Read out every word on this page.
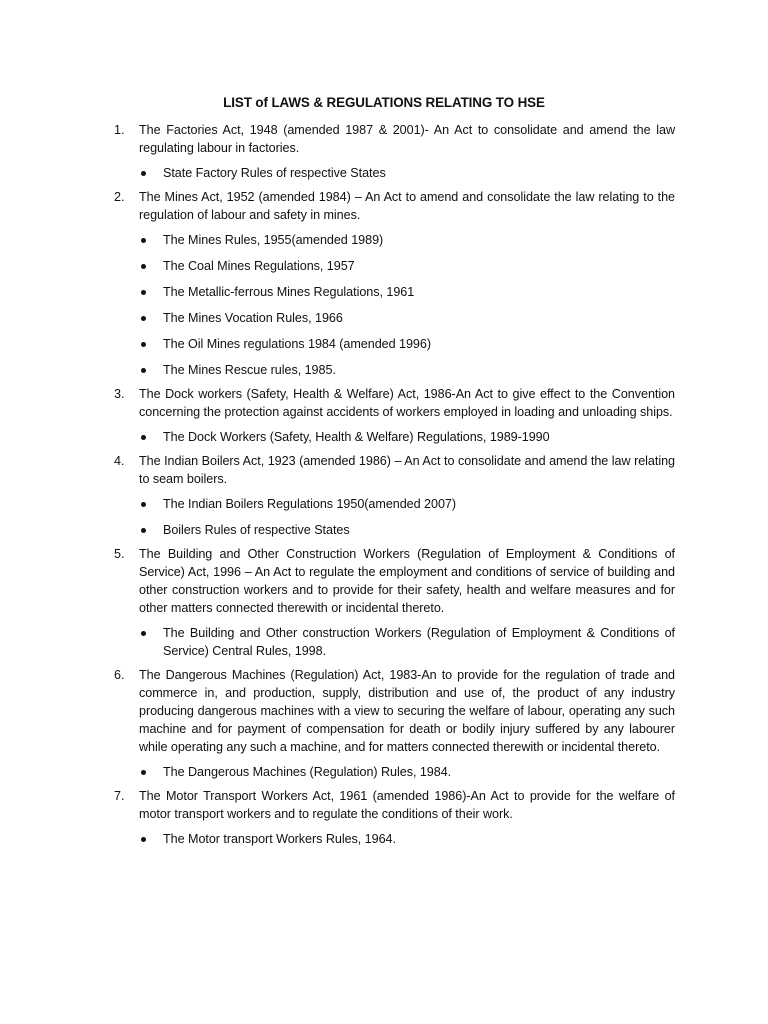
LIST of LAWS & REGULATIONS RELATING TO HSE
1. The Factories Act, 1948 (amended 1987 & 2001)- An Act to consolidate and amend the law regulating labour in factories.

State Factory Rules of respective States
2. The Mines Act, 1952 (amended 1984) – An Act to amend and consolidate the law relating to the regulation of labour and safety in mines.

The Mines Rules, 1955(amended 1989)
The Coal Mines Regulations, 1957
The Metallic-ferrous Mines Regulations, 1961
The Mines Vocation Rules, 1966
The Oil Mines regulations 1984 (amended 1996)
The Mines Rescue rules, 1985.
3. The Dock workers (Safety, Health & Welfare) Act, 1986-An Act to give effect to the Convention concerning the protection against accidents of workers employed in loading and unloading ships.

The Dock Workers (Safety, Health & Welfare) Regulations, 1989-1990
4. The Indian Boilers Act, 1923 (amended 1986) – An Act to consolidate and amend the law relating to seam boilers.

The Indian Boilers Regulations 1950(amended 2007)
Boilers Rules of respective States
5. The Building and Other Construction Workers (Regulation of Employment & Conditions of Service) Act, 1996 – An Act to regulate the employment and conditions of service of building and other construction workers and to provide for their safety, health and welfare measures and for other matters connected therewith or incidental thereto.

The Building and Other construction Workers (Regulation of Employment & Conditions of Service) Central Rules, 1998.
6. The Dangerous Machines (Regulation) Act, 1983-An to provide for the regulation of trade and commerce in, and production, supply, distribution and use of, the product of any industry producing dangerous machines with a view to securing the welfare of labour, operating any such machine and for payment of compensation for death or bodily injury suffered by any labourer while operating any such a machine, and for matters connected therewith or incidental thereto.

The Dangerous Machines (Regulation) Rules, 1984.
7. The Motor Transport Workers Act, 1961 (amended 1986)-An Act to provide for the welfare of motor transport workers and to regulate the conditions of their work.

The Motor transport Workers Rules, 1964.
